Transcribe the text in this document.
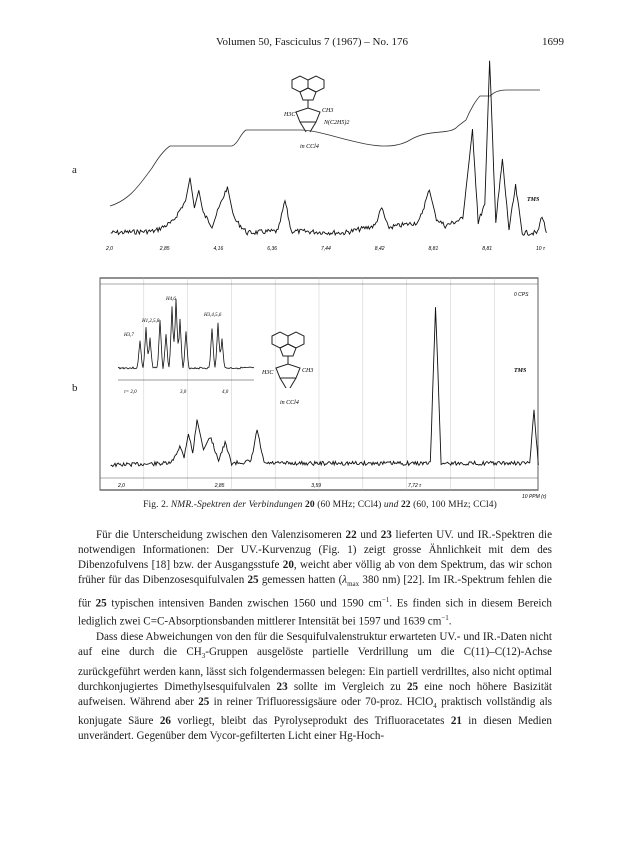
Volumen 50, Fasciculus 7 (1967) – No. 176	1699
a
H3C
CH3
N(C2H5)2
in CCl4
TMS
2,0	2,85	4,16	6,36	7,44	8,42	8,81	8,81	10 τ
b
0 CPS
H1,2,5,8
H3,7
H4,6
H3,4,5,6
τ= 2,0	3,0	4,0
H3C	CH3
in CCl4
TMS
2,0	2,85	3,59	7,72 τ
10 PPM (τ)
Fig. 2. NMR.-Spektren der Verbindungen 20 (60 MHz; CCl4) und 22 (60, 100 MHz; CCl4)

Für die Unterscheidung zwischen den Valenzisomeren 22 und 23 lieferten UV. und IR.-Spektren die notwendigen Informationen: Der UV.-Kurvenzug (Fig. 1) zeigt grosse Ähnlichkeit mit dem des Dibenzofulvens [18] bzw. der Ausgangsstufe 20, weicht aber völlig ab von dem Spektrum, das wir schon früher für das Dibenzosesquifulvalen 25 gemessen hatten ($\lambda_{max}$ 380 nm) [22]. Im IR.-Spektrum fehlen die für 25 typischen intensiven Banden zwischen 1560 und 1590 $cm^{-1}$. Es finden sich in diesem Bereich lediglich zwei C=C-Absorptionsbanden mittlerer Intensität bei 1597 und 1639 $cm^{-1}$.

Dass diese Abweichungen von den für die Sesquifulvalenstruktur erwarteten UV.- und IR.-Daten nicht auf eine durch die $CH_3$-Gruppen ausgelöste partielle Verdrillung um die C(11)–C(12)-Achse zurückgeführt werden kann, lässt sich folgendermassen belegen: Ein partiell verdrilltes, also nicht optimal durchkonjugiertes Dimethylsesquifulvalen 23 sollte im Vergleich zu 25 eine noch höhere Basizität aufweisen. Während aber 25 in reiner Trifluoressigsäure oder 70-proz. HClO$_4$ praktisch vollständig als konjugate Säure 26 vorliegt, bleibt das Pyrolyseprodukt des Trifluoracetates 21 in diesen Medien unverändert. Gegenüber dem Vycor-gefilterten Licht einer Hg-Hoch-
